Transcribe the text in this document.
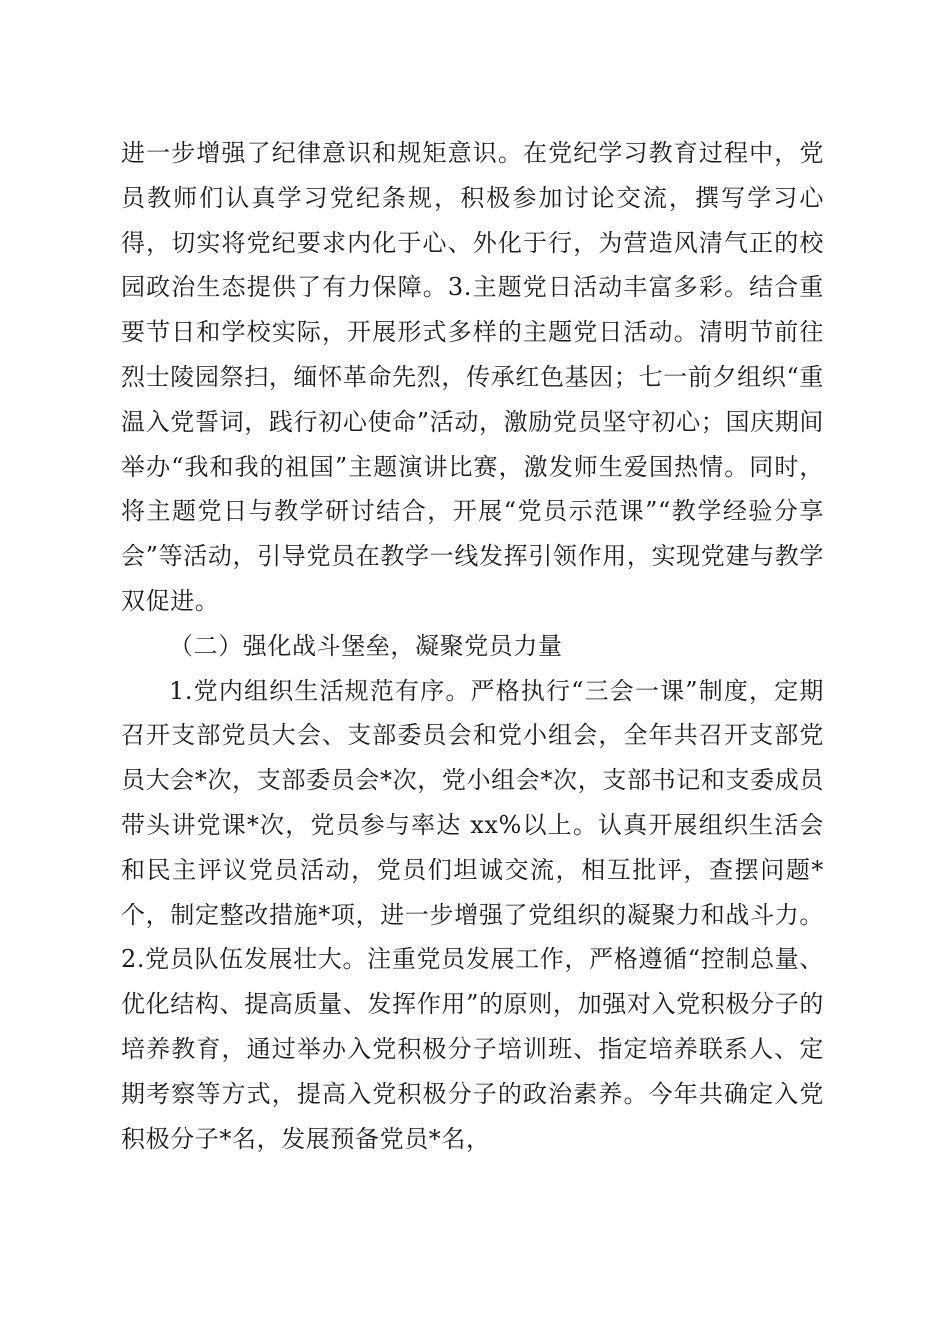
进一步增强了纪律意识和规矩意识。在党纪学习教育过程中，党员教师们认真学习党纪条规，积极参加讨论交流，撰写学习心得，切实将党纪要求内化于心、外化于行，为营造风清气正的校园政治生态提供了有力保障。3.主题党日活动丰富多彩。结合重要节日和学校实际，开展形式多样的主题党日活动。清明节前往烈士陵园祭扫，缅怀革命先烈，传承红色基因；七一前夕组织“重温入党誓词，践行初心使命”活动，激励党员坚守初心；国庆期间举办“我和我的祖国”主题演讲比赛，激发师生爱国热情。同时，将主题党日与教学研讨结合，开展“党员示范课”“教学经验分享会”等活动，引导党员在教学一线发挥引领作用，实现党建与教学双促进。

（二）强化战斗堡垒，凝聚党员力量

1.党内组织生活规范有序。严格执行“三会一课”制度，定期召开支部党员大会、支部委员会和党小组会，全年共召开支部党员大会*次，支部委员会*次，党小组会*次，支部书记和支委成员带头讲党课*次，党员参与率达 xx%以上。认真开展组织生活会和民主评议党员活动，党员们坦诚交流，相互批评，查摆问题*个，制定整改措施*项，进一步增强了党组织的凝聚力和战斗力。2.党员队伍发展壮大。注重党员发展工作，严格遵循“控制总量、优化结构、提高质量、发挥作用”的原则，加强对入党积极分子的培养教育，通过举办入党积极分子培训班、指定培养联系人、定期考察等方式，提高入党积极分子的政治素养。今年共确定入党积极分子*名，发展预备党员*名，
